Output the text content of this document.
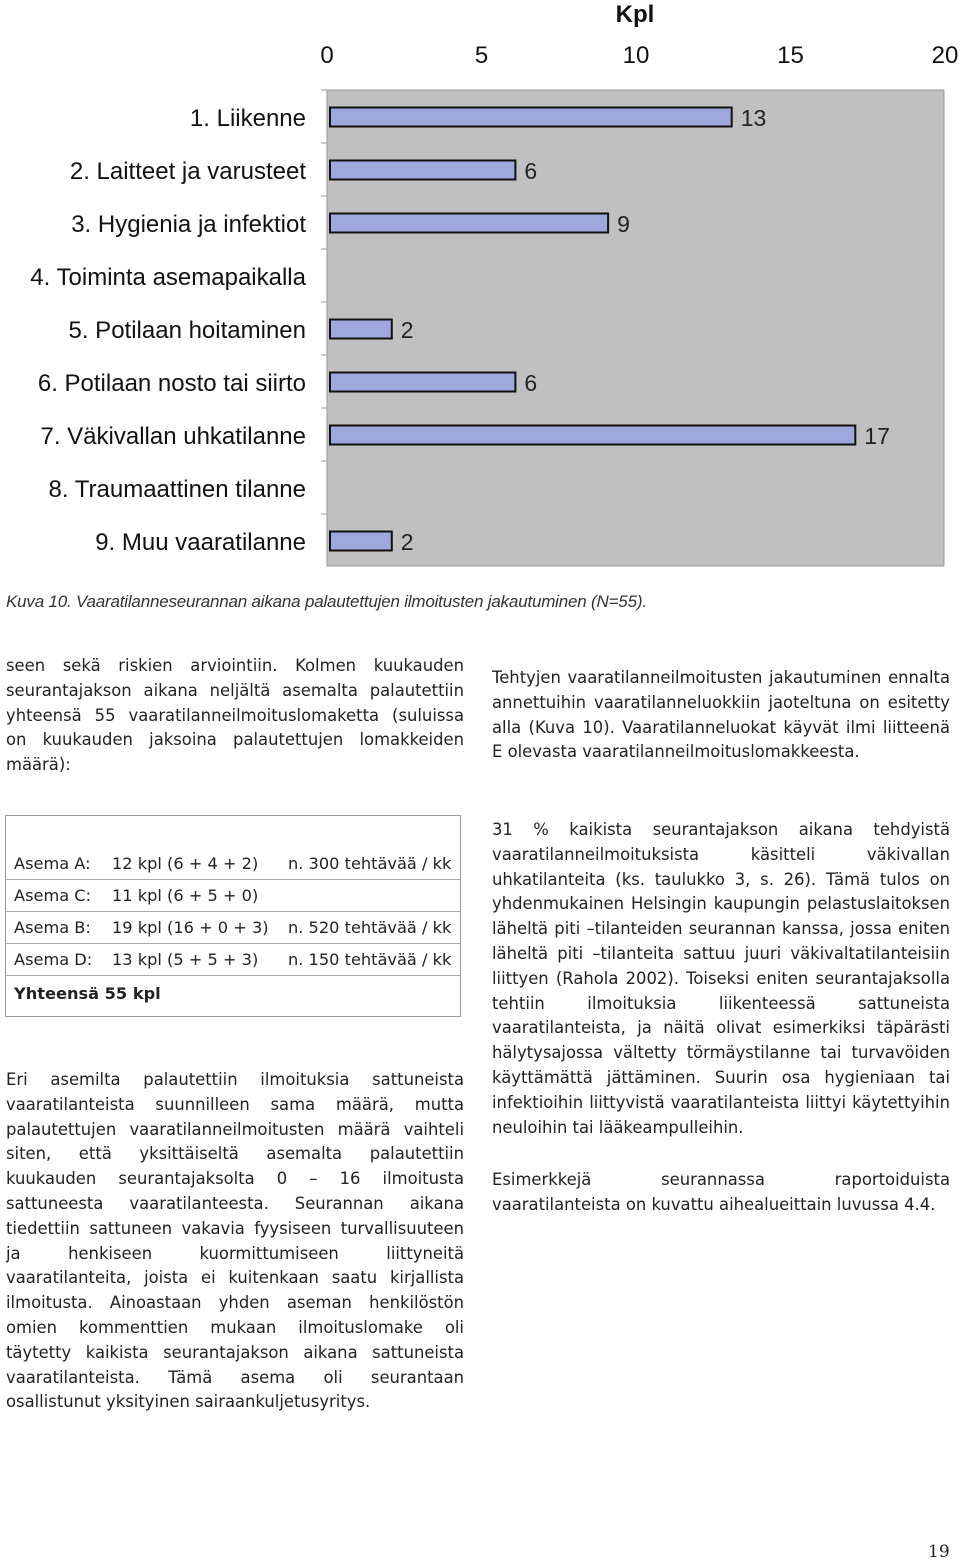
Kpl
0	5	10	15	20
1. Liikenne
2. Laitteet ja varusteet
3. Hygienia ja infektiot
4. Toiminta asemapaikalla
5. Potilaan hoitaminen
6. Potilaan nosto tai siirto
7. Väkivallan uhkatilanne
8. Traumaattinen tilanne
9. Muu vaaratilanne
13
6
9
2
6
17
2
Kuva 10. Vaaratilanneseurannan aikana palautettujen ilmoitusten jakautuminen (N=55).

seen sekä riskien arviointiin. Kolmen kuukauden seurantajakson aikana neljältä asemalta palautettiin yhteensä 55 vaaratilanneilmoituslomaketta (suluissa on kuukauden jaksoina palautettujen lomakkeiden määrä):

Asema A: 12 kpl (6 + 4 + 2) n. 300 tehtävää / kk
Asema C: 11 kpl (6 + 5 + 0)
Asema B: 19 kpl (16 + 0 + 3) n. 520 tehtävää / kk
Asema D: 13 kpl (5 + 5 + 3) n. 150 tehtävää / kk
Yhteensä 55 kpl

Eri asemilta palautettiin ilmoituksia sattuneista vaaratilanteista suunnilleen sama määrä, mutta palautettujen vaaratilanneilmoitusten määrä vaihteli siten, että yksittäiseltä asemalta palautettiin kuukauden seurantajaksolta 0 – 16 ilmoitusta sattuneesta vaaratilanteesta. Seurannan aikana tiedettiin sattuneen vakavia fyysiseen turvallisuuteen ja henkiseen kuormittumiseen liittyneitä vaaratilanteita, joista ei kuitenkaan saatu kirjallista ilmoitusta. Ainoastaan yhden aseman henkilöstön omien kommenttien mukaan ilmoituslomake oli täytetty kaikista seurantajakson aikana sattuneista vaaratilanteista. Tämä asema oli seurantaan osallistunut yksityinen sairaankuljetusyritys.

Tehtyjen vaaratilanneilmoitusten jakautuminen ennalta annettuihin vaaratilanneluokkiin jaoteltuna on esitetty alla (Kuva 10). Vaaratilanneluokat käyvät ilmi liitteenä E olevasta vaaratilanneilmoituslomakkeesta.

31 % kaikista seurantajakson aikana tehdyistä vaaratilanneilmoituksista käsitteli väkivallan uhkatilanteita (ks. taulukko 3, s. 26). Tämä tulos on yhdenmukainen Helsingin kaupungin pelastuslaitoksen läheltä piti –tilanteiden seurannan kanssa, jossa eniten läheltä piti –tilanteita sattuu juuri väkivaltatilanteisiin liittyen (Rahola 2002). Toiseksi eniten seurantajaksolla tehtiin ilmoituksia liikenteessä sattuneista vaaratilanteista, ja näitä olivat esimerkiksi täpärästi hälytysajossa vältetty törmäystilanne tai turvavöiden käyttämättä jättäminen. Suurin osa hygieniaan tai infektioihin liittyvistä vaaratilanteista liittyi käytettyihin neuloihin tai lääkeampulleihin.

Esimerkkejä seurannassa raportoiduista vaaratilanteista on kuvattu aihealueittain luvussa 4.4.

19
